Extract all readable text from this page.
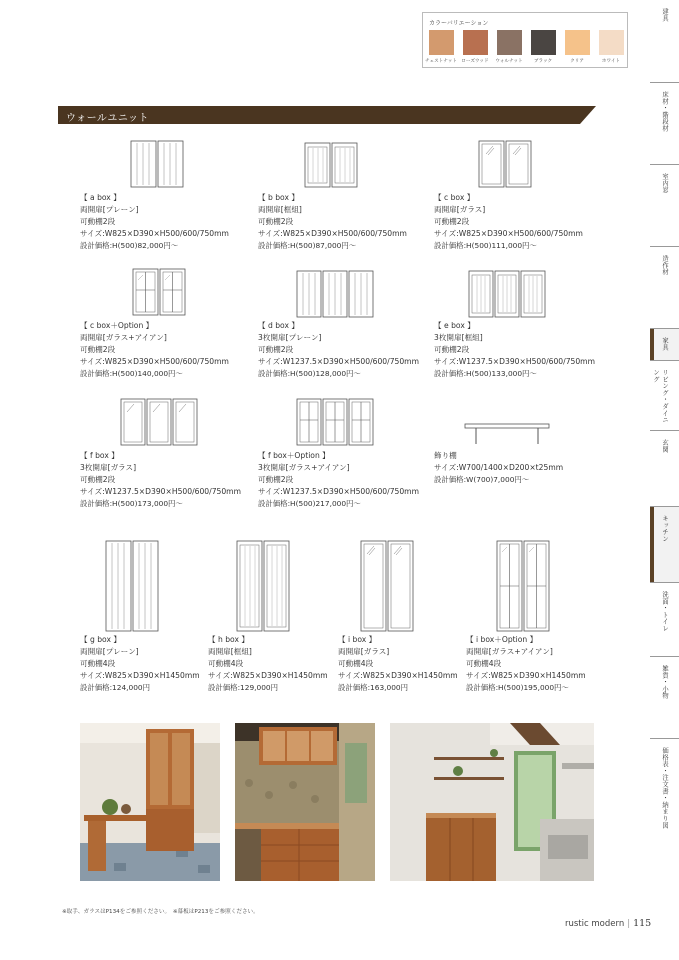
カラーバリエーション
チェストナット ローズウッド	ウォルナット	ブラック	クリア	ホワイト
建具
床材・階段材
室内窓
造作材
家具
リビング・ダイニング
玄関
キッチン
洗面・トイレ
雑貨・小物
価格表・注文書・納まり図
ウォールユニット
【 a box 】
両開扉[プレーン]
可動棚2段
サイズ:W825×D390×H500/600/750mm
設計価格:H(500)82,000円〜
【 b box 】
両開扉[框組]
可動棚2段
サイズ:W825×D390×H500/600/750mm
設計価格:H(500)87,000円〜
【 c box 】
両開扉[ガラス]
可動棚2段
サイズ:W825×D390×H500/600/750mm
設計価格:H(500)111,000円〜
【 c box＋Option 】
両開扉[ガラス+アイアン]
可動棚2段
サイズ:W825×D390×H500/600/750mm
設計価格:H(500)140,000円〜
【 d box 】
3枚開扉[プレーン]
可動棚2段
サイズ:W1237.5×D390×H500/600/750mm
設計価格:H(500)128,000円〜
【 e box 】
3枚開扉[框組]
可動棚2段
サイズ:W1237.5×D390×H500/600/750mm
設計価格:H(500)133,000円〜
【 f box 】
3枚開扉[ガラス]
可動棚2段
サイズ:W1237.5×D390×H500/600/750mm
設計価格:H(500)173,000円〜
【 f box＋Option 】
3枚開扉[ガラス+アイアン]
可動棚2段
サイズ:W1237.5×D390×H500/600/750mm
設計価格:H(500)217,000円〜
飾り棚
サイズ:W700/1400×D200×t25mm
設計価格:W(700)7,000円〜
【 g box 】
両開扉[プレーン]
可動棚4段
サイズ:W825×D390×H1450mm
設計価格:124,000円
【 h box 】
両開扉[框組]
可動棚4段
サイズ:W825×D390×H1450mm
設計価格:129,000円
【 i box 】
両開扉[ガラス]
可動棚4段
サイズ:W825×D390×H1450mm
設計価格:163,000円
【 i box＋Option 】
両開扉[ガラス+アイアン]
可動棚4段
サイズ:W825×D390×H1450mm
設計価格:H(500)195,000円〜
※取手、ガラスはP134をご参照ください。　※幕板はP213をご参照ください。
rustic modern | 115
